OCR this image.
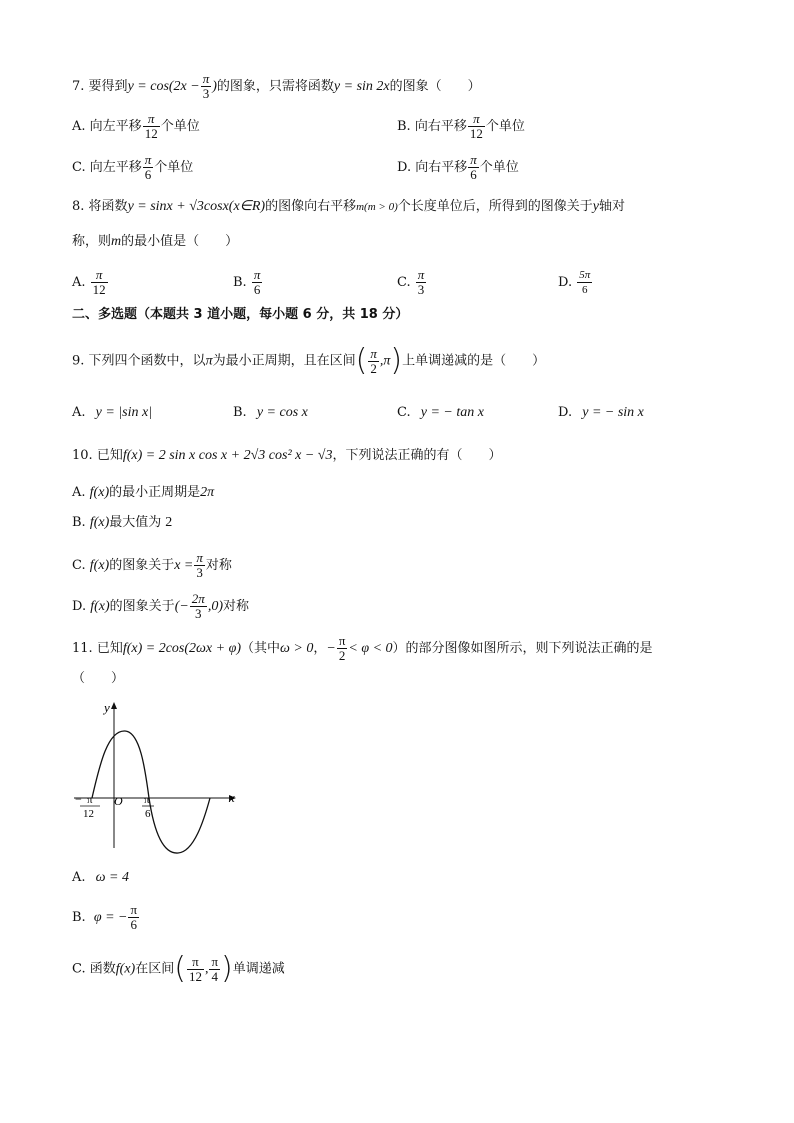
7. 要得到$y = \cos(2x - \frac{\pi}{3}$ )的图象，只需将函数y = sin 2x的图象（　　）
A. 向左平移 $\frac{\pi}{12}$ 个单位	B. 向右平移 $\frac{\pi}{12}$ 个单位
C. 向左平移 $\frac{\pi}{6}$ 个单位	D. 向右平移 $\frac{\pi}{6}$ 个单位
8. 将函数y = sinx + √3cosx(x∈R)的图像向右平移m(m > 0)个长度单位后，所得到的图像关于y轴对
称，则m的最小值是（　　）
A. $\frac{\pi}{12}$	B. $\frac{\pi}{6}$	C. $\frac{\pi}{3}$	D. $\frac{5\pi}{6}$
二、多选题（本题共 3 道小题，每小题 6 分，共 18 分）
9. 下列四个函数中，以π为最小正周期，且在区间( $\frac{\pi}{2} ,\pi$)上单调递减的是（　　）
A. y = |sin x|	B. y = cos x	C. y = − tan x	D. y = − sin x
10. 已知f(x) = 2 sin x cos x + 2√3 cos² x − √3，下列说法正确的有（　　）
A. f(x)的最小正周期是2π
B. f(x)最大值为 2
C. f(x)的图象关于$x = \frac{\pi}{3}$ 对称
D. f(x)的图象关于(− $\frac{2\pi}{3} ,0$)对称
11. 已知f(x) = 2cos(2ωx + φ)（其中ω > 0，− $\frac{\pi}{2} < \varphi < 0$）的部分图像如图所示，则下列说法正确的是
（　　）
y
x
O
− π
12
π
6
A. ω = 4
B. φ = − $\frac{\pi}{6}$
C. 函数f(x)在区间( $\frac{\pi}{12}$ , $\frac{\pi}{4}$ )单调递减
